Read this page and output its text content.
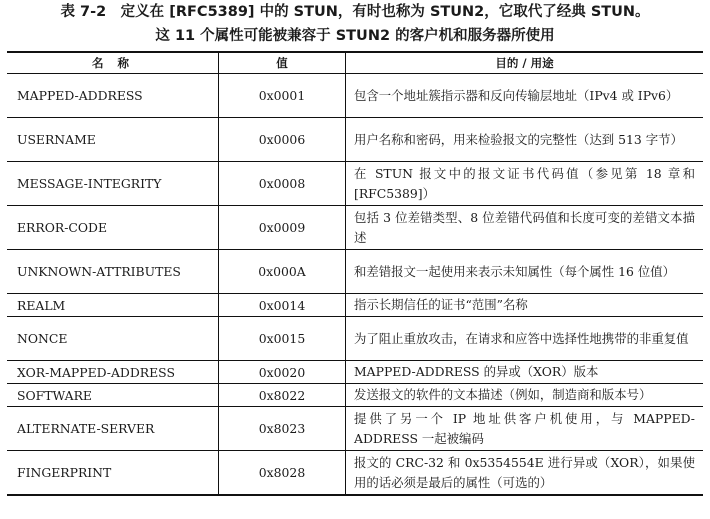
表 7-2　定义在 [RFC5389] 中的 STUN，有时也称为 STUN2，它取代了经典 STUN。
这 11 个属性可能被兼容于 STUN2 的客户机和服务器所使用
名称	值	目的 / 用途
MAPPED-ADDRESS	0x0001	包含一个地址簇指示器和反向传输层地址（IPv4 或 IPv6）
USERNAME	0x0006	用户名称和密码，用来检验报文的完整性（达到 513 字节）
MESSAGE-INTEGRITY	0x0008	在 STUN 报文中的报文证书代码值（参见第 18 章和 [RFC5389]）
ERROR-CODE	0x0009	包括 3 位差错类型、8 位差错代码值和长度可变的差错文本描述
UNKNOWN-ATTRIBUTES	0x000A	和差错报文一起使用来表示未知属性（每个属性 16 位值）
REALM	0x0014	指示长期信任的证书“范围”名称
NONCE	0x0015	为了阻止重放攻击，在请求和应答中选择性地携带的非重复值
XOR-MAPPED-ADDRESS	0x0020	MAPPED-ADDRESS 的异或（XOR）版本
SOFTWARE	0x8022	发送报文的软件的文本描述（例如，制造商和版本号）
ALTERNATE-SERVER	0x8023	提供了另一个 IP 地址供客户机使用，与 MAPPED-ADDRESS 一起被编码
FINGERPRINT	0x8028	报文的 CRC-32 和 0x5354554E 进行异或（XOR），如果使用的话必须是最后的属性（可选的）
